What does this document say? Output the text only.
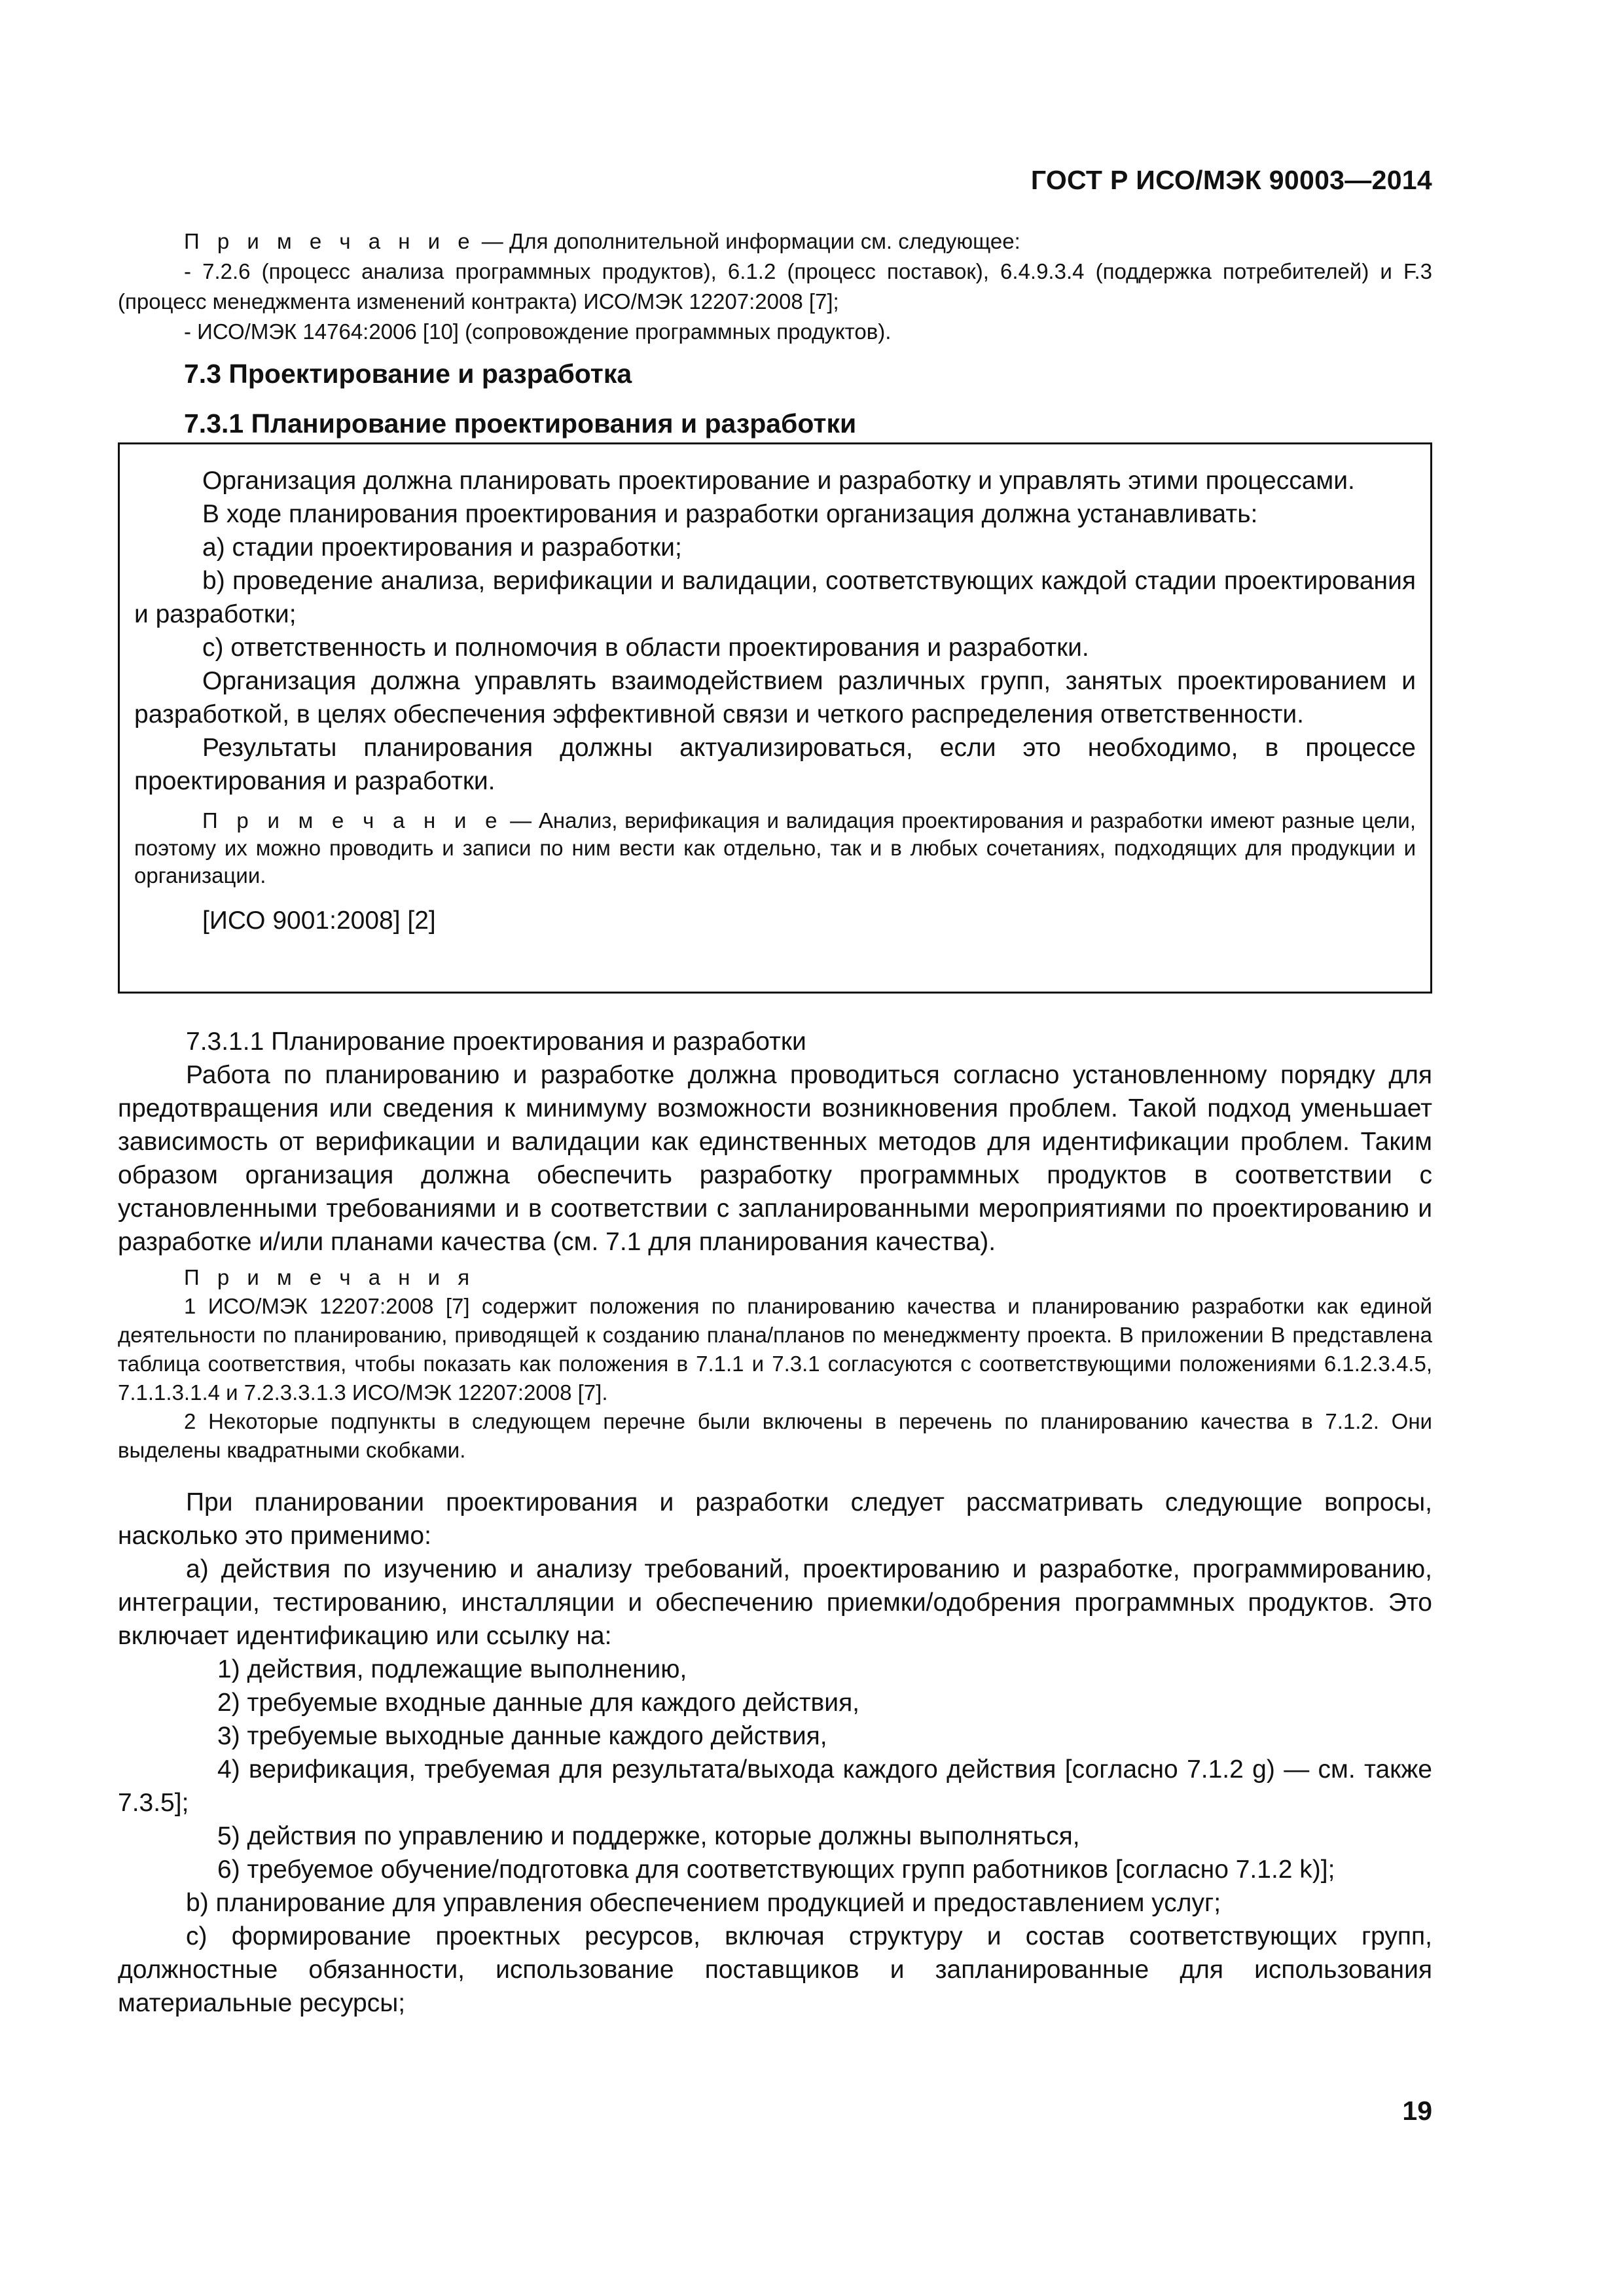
ГОСТ Р ИСО/МЭК 90003—2014

П р и м е ч а н и е — Для дополнительной информации см. следующее:

- 7.2.6 (процесс анализа программных продуктов), 6.1.2 (процесс поставок), 6.4.9.3.4 (поддержка потребителей) и F.3 (процесс менеджмента изменений контракта) ИСО/МЭК 12207:2008 [7];

- ИСО/МЭК 14764:2006 [10] (сопровождение программных продуктов).

7.3 Проектирование и разработка
7.3.1 Планирование проектирования и разработки

Организация должна планировать проектирование и разработку и управлять этими процессами.

В ходе планирования проектирования и разработки организация должна устанавливать:

a) стадии проектирования и разработки;

b) проведение анализа, верификации и валидации, соответствующих каждой стадии проектирования и разработки;

c) ответственность и полномочия в области проектирования и разработки.

Организация должна управлять взаимодействием различных групп, занятых проектированием и разработкой, в целях обеспечения эффективной связи и четкого распределения ответственности.

Результаты планирования должны актуализироваться, если это необходимо, в процессе проектирования и разработки.

П р и м е ч а н и е — Анализ, верификация и валидация проектирования и разработки имеют разные цели, поэтому их можно проводить и записи по ним вести как отдельно, так и в любых сочетаниях, подходящих для продукции и организации.

[ИСО 9001:2008] [2]

7.3.1.1 Планирование проектирования и разработки

Работа по планированию и разработке должна проводиться согласно установленному порядку для предотвращения или сведения к минимуму возможности возникновения проблем. Такой подход уменьшает зависимость от верификации и валидации как единственных методов для идентификации проблем. Таким образом организация должна обеспечить разработку программных продуктов в соответствии с установленными требованиями и в соответствии с запланированными мероприятиями по проектированию и разработке и/или планами качества (см. 7.1 для планирования качества).

П р и м е ч а н и я

1 ИСО/МЭК 12207:2008 [7] содержит положения по планированию качества и планированию разработки как единой деятельности по планированию, приводящей к созданию плана/планов по менеджменту проекта. В приложении В представлена таблица соответствия, чтобы показать как положения в 7.1.1 и 7.3.1 согласуются с соответствующими положениями 6.1.2.3.4.5, 7.1.1.3.1.4 и 7.2.3.3.1.3 ИСО/МЭК 12207:2008 [7].

2 Некоторые подпункты в следующем перечне были включены в перечень по планированию качества в 7.1.2. Они выделены квадратными скобками.

При планировании проектирования и разработки следует рассматривать следующие вопросы, насколько это применимо:

a) действия по изучению и анализу требований, проектированию и разработке, программированию, интеграции, тестированию, инсталляции и обеспечению приемки/одобрения программных продуктов. Это включает идентификацию или ссылку на:

1) действия, подлежащие выполнению,

2) требуемые входные данные для каждого действия,

3) требуемые выходные данные каждого действия,

4) верификация, требуемая для результата/выхода каждого действия [согласно 7.1.2 g) — см. также 7.3.5];

5) действия по управлению и поддержке, которые должны выполняться,

6) требуемое обучение/подготовка для соответствующих групп работников [согласно 7.1.2 k)];

b) планирование для управления обеспечением продукцией и предоставлением услуг;

c) формирование проектных ресурсов, включая структуру и состав соответствующих групп, должностные обязанности, использование поставщиков и запланированные для использования материальные ресурсы;

19
